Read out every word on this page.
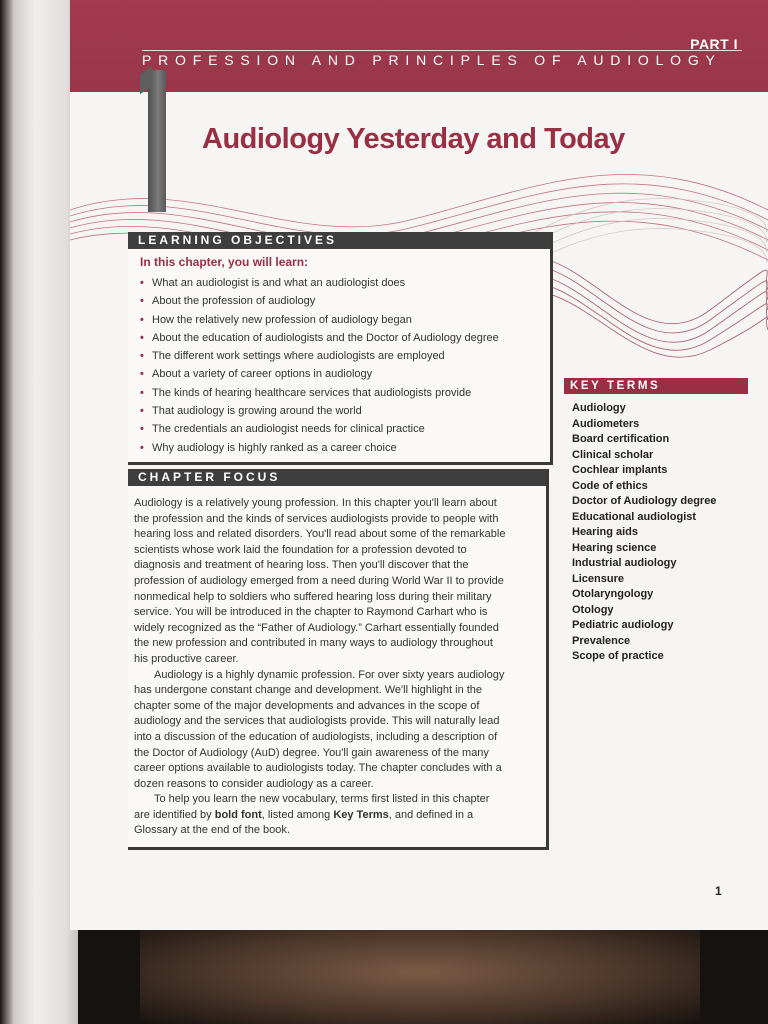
PART I
PROFESSION AND PRINCIPLES OF AUDIOLOGY
Audiology Yesterday and Today
LEARNING OBJECTIVES
In this chapter, you will learn:
• What an audiologist is and what an audiologist does
• About the profession of audiology
• How the relatively new profession of audiology began
• About the education of audiologists and the Doctor of Audiology degree
• The different work settings where audiologists are employed
• About a variety of career options in audiology
• The kinds of hearing healthcare services that audiologists provide
• That audiology is growing around the world
• The credentials an audiologist needs for clinical practice
• Why audiology is highly ranked as a career choice
CHAPTER FOCUS

Audiology is a relatively young profession. In this chapter you'll learn about

the profession and the kinds of services audiologists provide to people with

hearing loss and related disorders. You'll read about some of the remarkable

scientists whose work laid the foundation for a profession devoted to

diagnosis and treatment of hearing loss. Then you'll discover that the

profession of audiology emerged from a need during World War II to provide

nonmedical help to soldiers who suffered hearing loss during their military

service. You will be introduced in the chapter to Raymond Carhart who is

widely recognized as the “Father of Audiology.” Carhart essentially founded

the new profession and contributed in many ways to audiology throughout

his productive career.

Audiology is a highly dynamic profession. For over sixty years audiology

has undergone constant change and development. We'll highlight in the

chapter some of the major developments and advances in the scope of

audiology and the services that audiologists provide. This will naturally lead

into a discussion of the education of audiologists, including a description of

the Doctor of Audiology (AuD) degree. You'll gain awareness of the many

career options available to audiologists today. The chapter concludes with a

dozen reasons to consider audiology as a career.

To help you learn the new vocabulary, terms first listed in this chapter

are identified by bold font, listed among Key Terms, and defined in a

Glossary at the end of the book.

KEY TERMS
Audiology
Audiometers
Board certification
Clinical scholar
Cochlear implants
Code of ethics
Doctor of Audiology degree
Educational audiologist
Hearing aids
Hearing science
Industrial audiology
Licensure
Otolaryngology
Otology
Pediatric audiology
Prevalence
Scope of practice
1
